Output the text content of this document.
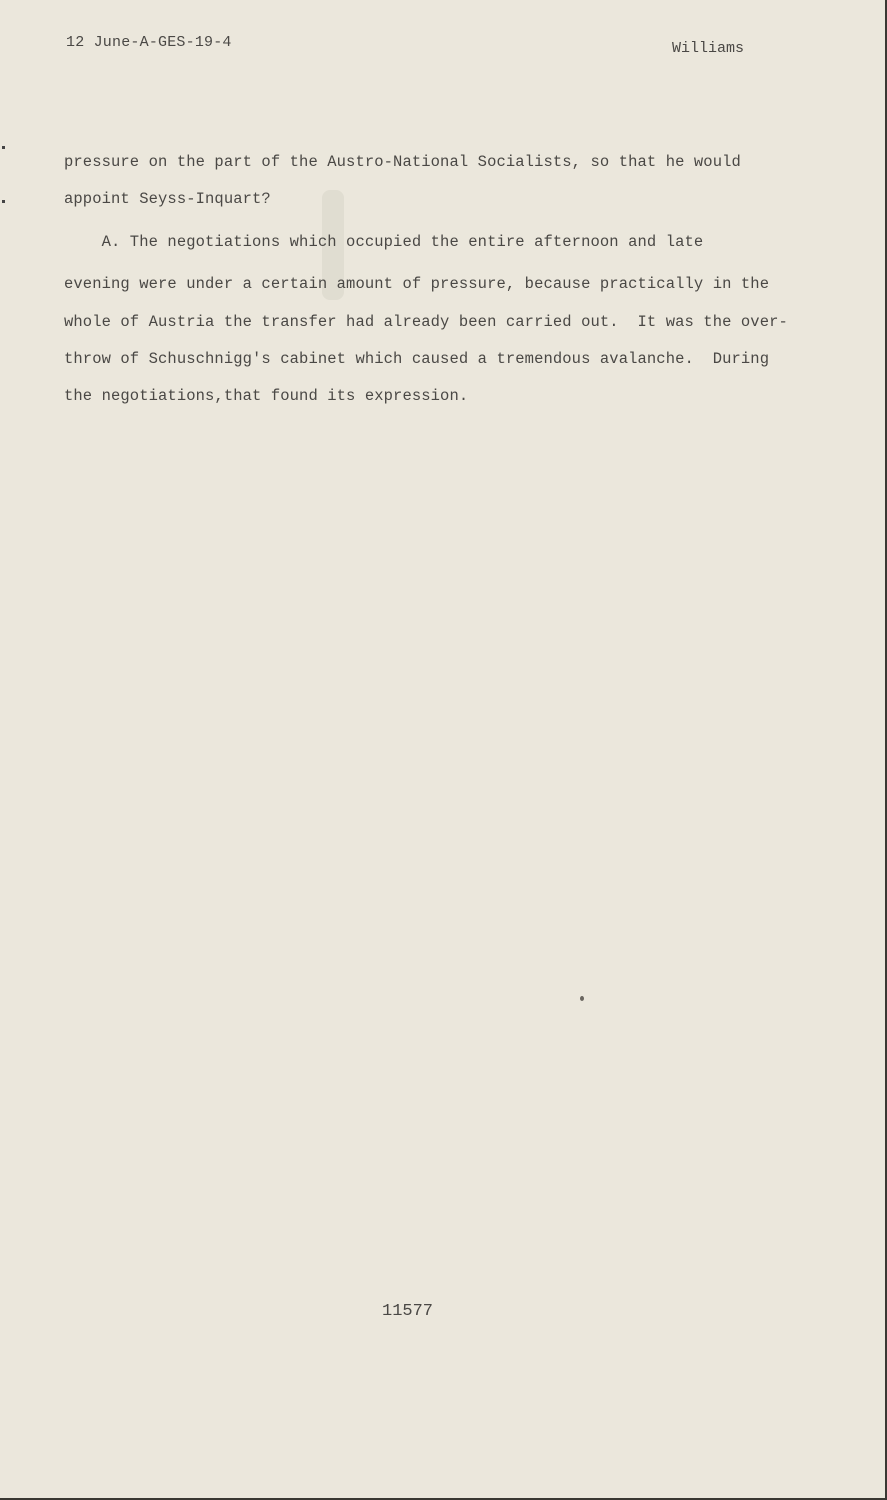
12 June-A-GES-19-4	Williams
pressure on the part of the Austro-National Socialists, so that he would
appoint Seyss-Inquart?
A. The negotiations which occupied the entire afternoon and late
evening were under a certain amount of pressure, because practically in the
whole of Austria the transfer had already been carried out.  It was the over-
throw of Schuschnigg's cabinet which caused a tremendous avalanche.  During
the negotiations,that found its expression.
11577
